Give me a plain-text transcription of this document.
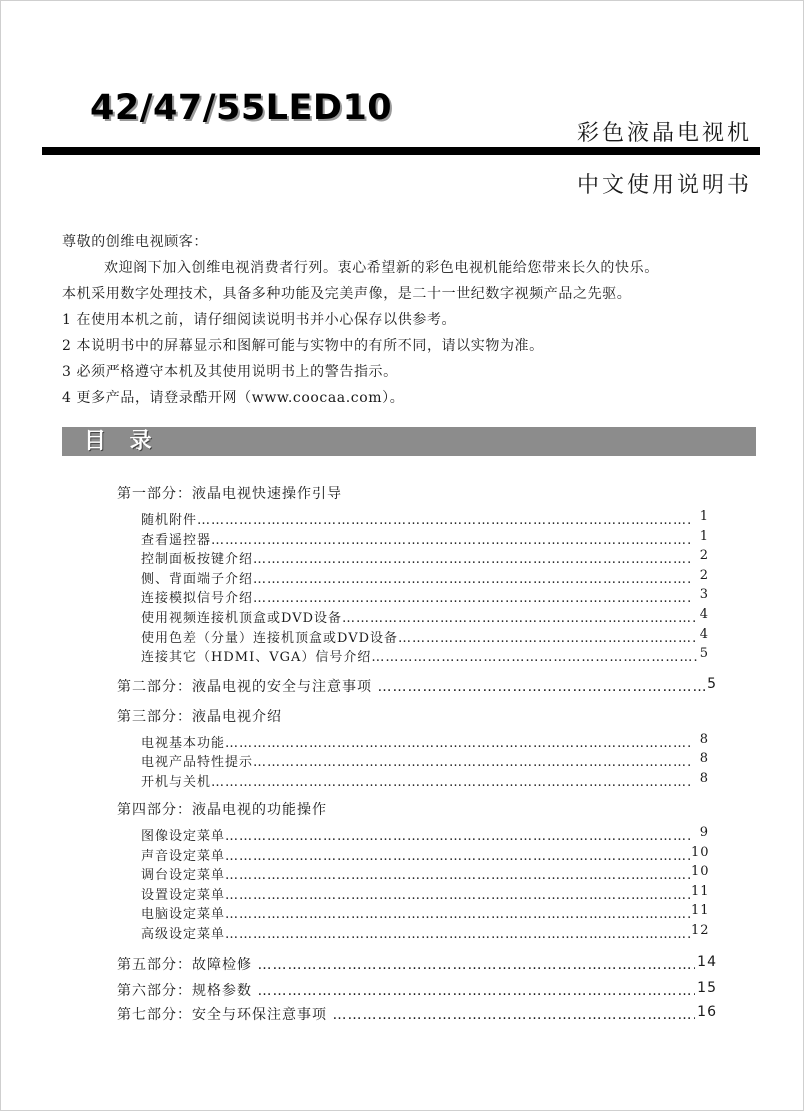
42/47/55LED10
彩色液晶电视机
中文使用说明书

尊敬的创维电视顾客：

欢迎阁下加入创维电视消费者行列。衷心希望新的彩色电视机能给您带来长久的快乐。

本机采用数字处理技术，具备多种功能及完美声像，是二十一世纪数字视频产品之先驱。

1 在使用本机之前，请仔细阅读说明书并小心保存以供参考。

2 本说明书中的屏幕显示和图解可能与实物中的有所不同，请以实物为准。

3 必须严格遵守本机及其使用说明书上的警告指示。

4 更多产品，请登录酷开网（www.coocaa.com）。

目 录
第一部分：液晶电视快速操作引导
随机附件 …………………………………………………………………………………………………………………………………………………………	1
查看遥控器 …………………………………………………………………………………………………………………………………………………………	1
控制面板按键介绍 …………………………………………………………………………………………………………………………………………………………	2
侧、背面端子介绍 …………………………………………………………………………………………………………………………………………………………	2
连接模拟信号介绍 …………………………………………………………………………………………………………………………………………………………	3
使用视频连接机顶盒或DVD设备 …………………………………………………………………………………………………………………………………………………………	4
使用色差（分量）连接机顶盒或DVD设备 …………………………………………………………………………………………………………………………………………………………	4
连接其它（HDMI、VGA）信号介绍 …………………………………………………………………………………………………………………………………………………………	5
第二部分：液晶电视的安全与注意事项 ………………………………………………………………………………………………………………………………	5
第三部分：液晶电视介绍
电视基本功能 …………………………………………………………………………………………………………………………………………………………	8
电视产品特性提示 …………………………………………………………………………………………………………………………………………………………	8
开机与关机 …………………………………………………………………………………………………………………………………………………………	8
第四部分：液晶电视的功能操作
图像设定菜单 …………………………………………………………………………………………………………………………………………………………	9
声音设定菜单 …………………………………………………………………………………………………………………………………………………………	10
调台设定菜单 …………………………………………………………………………………………………………………………………………………………	10
设置设定菜单 …………………………………………………………………………………………………………………………………………………………	11
电脑设定菜单 …………………………………………………………………………………………………………………………………………………………	11
高级设定菜单 …………………………………………………………………………………………………………………………………………………………	12
第五部分：故障检修 ………………………………………………………………………………………………………………………………	14
第六部分：规格参数 ………………………………………………………………………………………………………………………………	15
第七部分：安全与环保注意事项 ………………………………………………………………………………………………………………………………	16
